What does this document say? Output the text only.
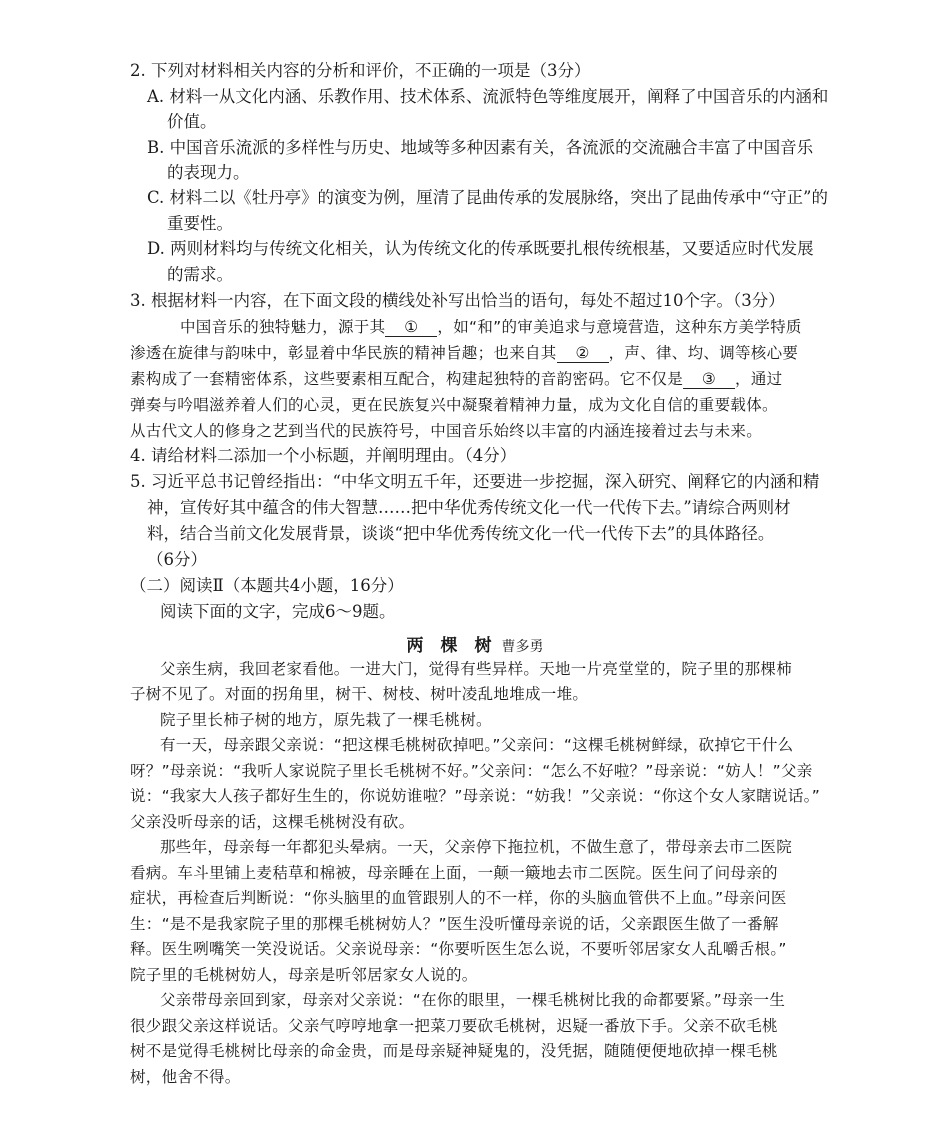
2. 下列对材料相关内容的分析和评价，不正确的一项是（3分）
A. 材料一从文化内涵、乐教作用、技术体系、流派特色等维度展开，阐释了中国音乐的内涵和
价值。
B. 中国音乐流派的多样性与历史、地域等多种因素有关，各流派的交流融合丰富了中国音乐
的表现力。
C. 材料二以《牡丹亭》的演变为例，厘清了昆曲传承的发展脉络，突出了昆曲传承中“守正”的
重要性。
D. 两则材料均与传统文化相关，认为传统文化的传承既要扎根传统根基，又要适应时代发展
的需求。
3. 根据材料一内容，在下面文段的横线处补写出恰当的语句，每处不超过10个字。（3分）
中国音乐的独特魅力，源于其 ① ，如“和”的审美追求与意境营造，这种东方美学特质
渗透在旋律与韵味中，彰显着中华民族的精神旨趣；也来自其 ② ，声、律、均、调等核心要
素构成了一套精密体系，这些要素相互配合，构建起独特的音韵密码。它不仅是 ③ ，通过
弹奏与吟唱滋养着人们的心灵，更在民族复兴中凝聚着精神力量，成为文化自信的重要载体。
从古代文人的修身之艺到当代的民族符号，中国音乐始终以丰富的内涵连接着过去与未来。
4. 请给材料二添加一个小标题，并阐明理由。（4分）
5. 习近平总书记曾经指出：“中华文明五千年，还要进一步挖掘，深入研究、阐释它的内涵和精
神，宣传好其中蕴含的伟大智慧……把中华优秀传统文化一代一代传下去。”请综合两则材
料，结合当前文化发展背景，谈谈“把中华优秀传统文化一代一代传下去”的具体路径。
（6分）
（二）阅读Ⅱ（本题共4小题，16分）
阅读下面的文字，完成6～9题。
两　棵　树 曹多勇
父亲生病，我回老家看他。一进大门，觉得有些异样。天地一片亮堂堂的，院子里的那棵柿
子树不见了。对面的拐角里，树干、树枝、树叶凌乱地堆成一堆。
院子里长柿子树的地方，原先栽了一棵毛桃树。
有一天，母亲跟父亲说：“把这棵毛桃树砍掉吧。”父亲问：“这棵毛桃树鲜绿，砍掉它干什么
呀？”母亲说：“我听人家说院子里长毛桃树不好。”父亲问：“怎么不好啦？”母亲说：“妨人！”父亲
说：“我家大人孩子都好生生的，你说妨谁啦？”母亲说：“妨我！”父亲说：“你这个女人家瞎说话。”
父亲没听母亲的话，这棵毛桃树没有砍。
那些年，母亲每一年都犯头晕病。一天，父亲停下拖拉机，不做生意了，带母亲去市二医院
看病。车斗里铺上麦秸草和棉被，母亲睡在上面，一颠一簸地去市二医院。医生问了问母亲的
症状，再检查后判断说：“你头脑里的血管跟别人的不一样，你的头脑血管供不上血。”母亲问医
生：“是不是我家院子里的那棵毛桃树妨人？”医生没听懂母亲说的话，父亲跟医生做了一番解
释。医生咧嘴笑一笑没说话。父亲说母亲：“你要听医生怎么说，不要听邻居家女人乱嚼舌根。”
院子里的毛桃树妨人，母亲是听邻居家女人说的。
父亲带母亲回到家，母亲对父亲说：“在你的眼里，一棵毛桃树比我的命都要紧。”母亲一生
很少跟父亲这样说话。父亲气哼哼地拿一把菜刀要砍毛桃树，迟疑一番放下手。父亲不砍毛桃
树不是觉得毛桃树比母亲的命金贵，而是母亲疑神疑鬼的，没凭据，随随便便地砍掉一棵毛桃
树，他舍不得。
